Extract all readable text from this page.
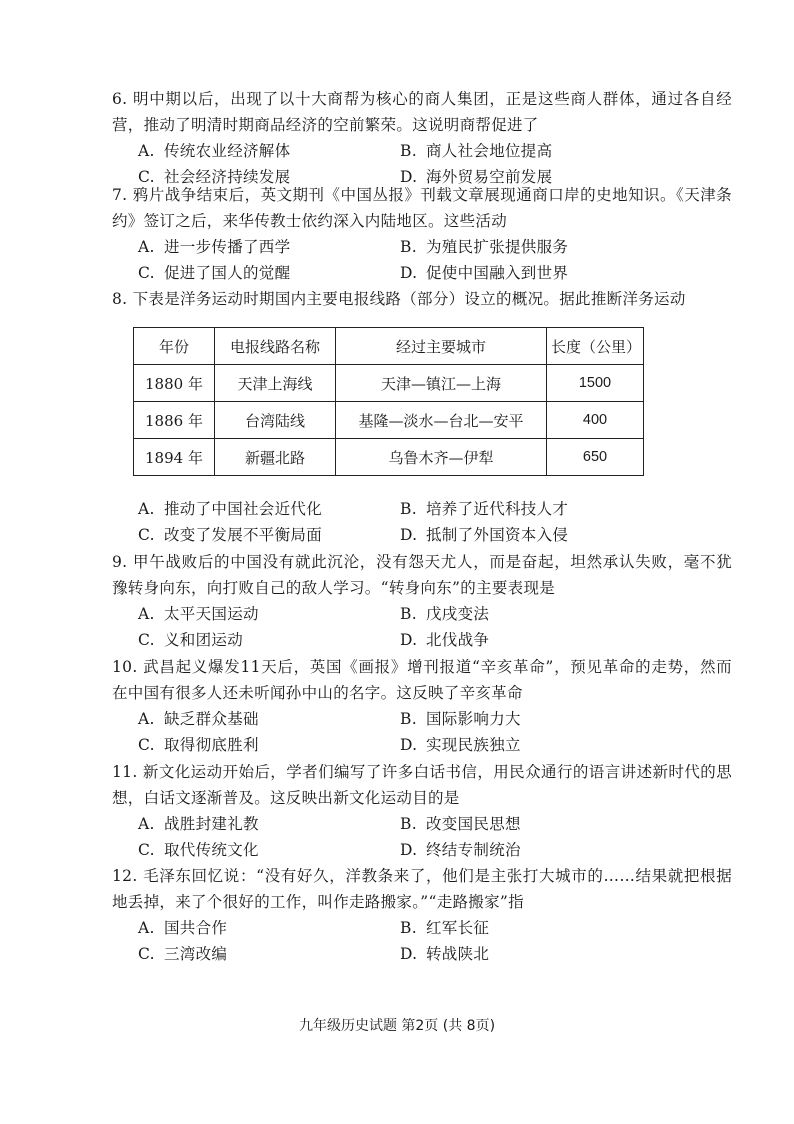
6. 明中期以后，出现了以十大商帮为核心的商人集团，正是这些商人群体，通过各自经营，推动了明清时期商品经济的空前繁荣。这说明商帮促进了

A. 传统农业经济解体	B. 商人社会地位提高
C. 社会经济持续发展	D. 海外贸易空前发展

7. 鸦片战争结束后，英文期刊《中国丛报》刊载文章展现通商口岸的史地知识。《天津条约》签订之后，来华传教士依约深入内陆地区。这些活动

A. 进一步传播了西学	B. 为殖民扩张提供服务
C. 促进了国人的觉醒	D. 促使中国融入到世界

8. 下表是洋务运动时期国内主要电报线路（部分）设立的概况。据此推断洋务运动

年份	电报线路名称	经过主要城市	长度（公里）
1880 年	天津上海线	天津—镇江—上海	1500
1886 年	台湾陆线	基隆—淡水—台北—安平	400
1894 年	新疆北路	乌鲁木齐—伊犁	650
A. 推动了中国社会近代化	B. 培养了近代科技人才
C. 改变了发展不平衡局面	D. 抵制了外国资本入侵

9. 甲午战败后的中国没有就此沉沦，没有怨天尤人，而是奋起，坦然承认失败，毫不犹豫转身向东，向打败自己的敌人学习。“转身向东”的主要表现是

A. 太平天国运动	B. 戊戌变法
C. 义和团运动	D. 北伐战争

10. 武昌起义爆发11天后，英国《画报》增刊报道“辛亥革命”，预见革命的走势，然而在中国有很多人还未听闻孙中山的名字。这反映了辛亥革命

A. 缺乏群众基础	B. 国际影响力大
C. 取得彻底胜利	D. 实现民族独立

11. 新文化运动开始后，学者们编写了许多白话书信，用民众通行的语言讲述新时代的思想，白话文逐渐普及。这反映出新文化运动目的是

A. 战胜封建礼教	B. 改变国民思想
C. 取代传统文化	D. 终结专制统治

12. 毛泽东回忆说：“没有好久，洋教条来了，他们是主张打大城市的……结果就把根据地丢掉，来了个很好的工作，叫作走路搬家。”“走路搬家”指

A. 国共合作	B. 红军长征
C. 三湾改编	D. 转战陕北
九年级历史试题 第2页 (共 8页)
